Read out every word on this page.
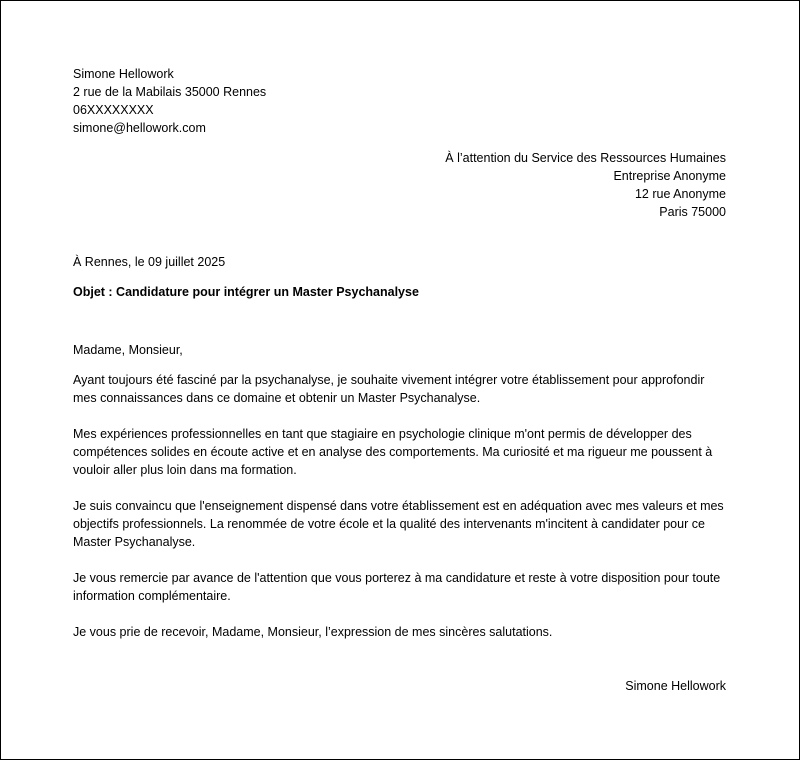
Simone Hellowork
2 rue de la Mabilais 35000 Rennes
06XXXXXXXX
simone@hellowork.com
À l’attention du Service des Ressources Humaines
Entreprise Anonyme
12 rue Anonyme
Paris 75000
À Rennes, le 09 juillet 2025
Objet : Candidature pour intégrer un Master Psychanalyse
Madame, Monsieur,

Ayant toujours été fasciné par la psychanalyse, je souhaite vivement intégrer votre établissement pour approfondir mes connaissances dans ce domaine et obtenir un Master Psychanalyse.

Mes expériences professionnelles en tant que stagiaire en psychologie clinique m'ont permis de développer des compétences solides en écoute active et en analyse des comportements. Ma curiosité et ma rigueur me poussent à vouloir aller plus loin dans ma formation.

Je suis convaincu que l'enseignement dispensé dans votre établissement est en adéquation avec mes valeurs et mes objectifs professionnels. La renommée de votre école et la qualité des intervenants m'incitent à candidater pour ce Master Psychanalyse.

Je vous remercie par avance de l'attention que vous porterez à ma candidature et reste à votre disposition pour toute information complémentaire.

Je vous prie de recevoir, Madame, Monsieur, l’expression de mes sincères salutations.

Simone Hellowork
